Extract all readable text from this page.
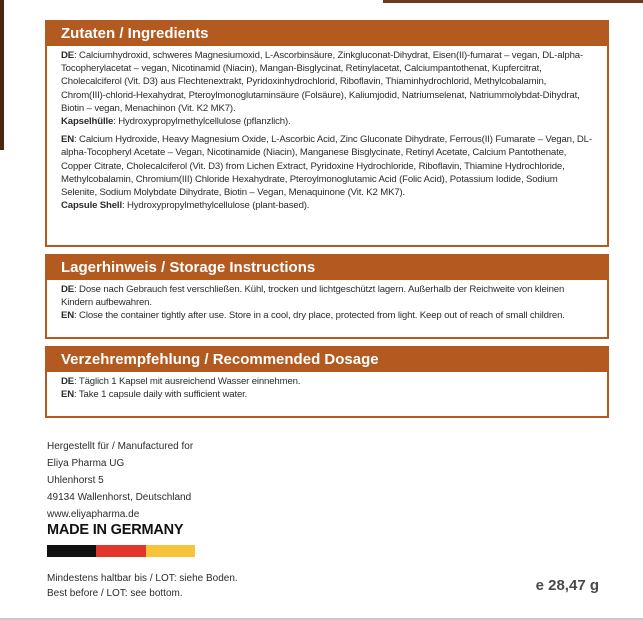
Zutaten / Ingredients

DE: Calciumhydroxid, schweres Magnesiumoxid, L-Ascorbinsäure, Zinkgluconat-Dihydrat, Eisen(II)-fumarat – vegan, DL-alpha-Tocopherylacetat – vegan, Nicotinamid (Niacin), Mangan-Bisglycinat, Retinylacetat, Calciumpantothenat, Kupfercitrat, Cholecalciferol (Vit. D3) aus Flechtenextrakt, Pyridoxinhydrochlorid, Riboflavin, Thiaminhydrochlorid, Methylcobalamin, Chrom(III)-chlorid-Hexahydrat, Pteroylmonoglutaminsäure (Folsäure), Kaliumjodid, Natriumselenat, Natriummolybdat-Dihydrat, Biotin – vegan, Menachinon (Vit. K2 MK7).
Kapselhülle: Hydroxypropylmethylcellulose (pflanzlich).

EN: Calcium Hydroxide, Heavy Magnesium Oxide, L-Ascorbic Acid, Zinc Gluconate Dihydrate, Ferrous(II) Fumarate – Vegan, DL-alpha-Tocopheryl Acetate – Vegan, Nicotinamide (Niacin), Manganese Bisglycinate, Retinyl Acetate, Calcium Pantothenate, Copper Citrate, Cholecalciferol (Vit. D3) from Lichen Extract, Pyridoxine Hydrochloride, Riboflavin, Thiamine Hydrochloride, Methylcobalamin, Chromium(III) Chloride Hexahydrate, Pteroylmonoglutamic Acid (Folic Acid), Potassium Iodide, Sodium Selenite, Sodium Molybdate Dihydrate, Biotin – Vegan, Menaquinone (Vit. K2 MK7).
Capsule Shell: Hydroxypropylmethylcellulose (plant-based).

Lagerhinweis / Storage Instructions

DE: Dose nach Gebrauch fest verschließen. Kühl, trocken und lichtgeschützt lagern. Außerhalb der Reichweite von kleinen Kindern aufbewahren.
EN: Close the container tightly after use. Store in a cool, dry place, protected from light. Keep out of reach of small children.

Verzehrempfehlung / Recommended Dosage

DE: Täglich 1 Kapsel mit ausreichend Wasser einnehmen.
EN: Take 1 capsule daily with sufficient water.

Hergestellt für / Manufactured for
Eliya Pharma UG
Uhlenhorst 5
49134 Wallenhorst, Deutschland
www.eliyapharma.de
MADE IN GERMANY
Mindestens haltbar bis / LOT: siehe Boden.
Best before / LOT: see bottom.	e 28,47 g
